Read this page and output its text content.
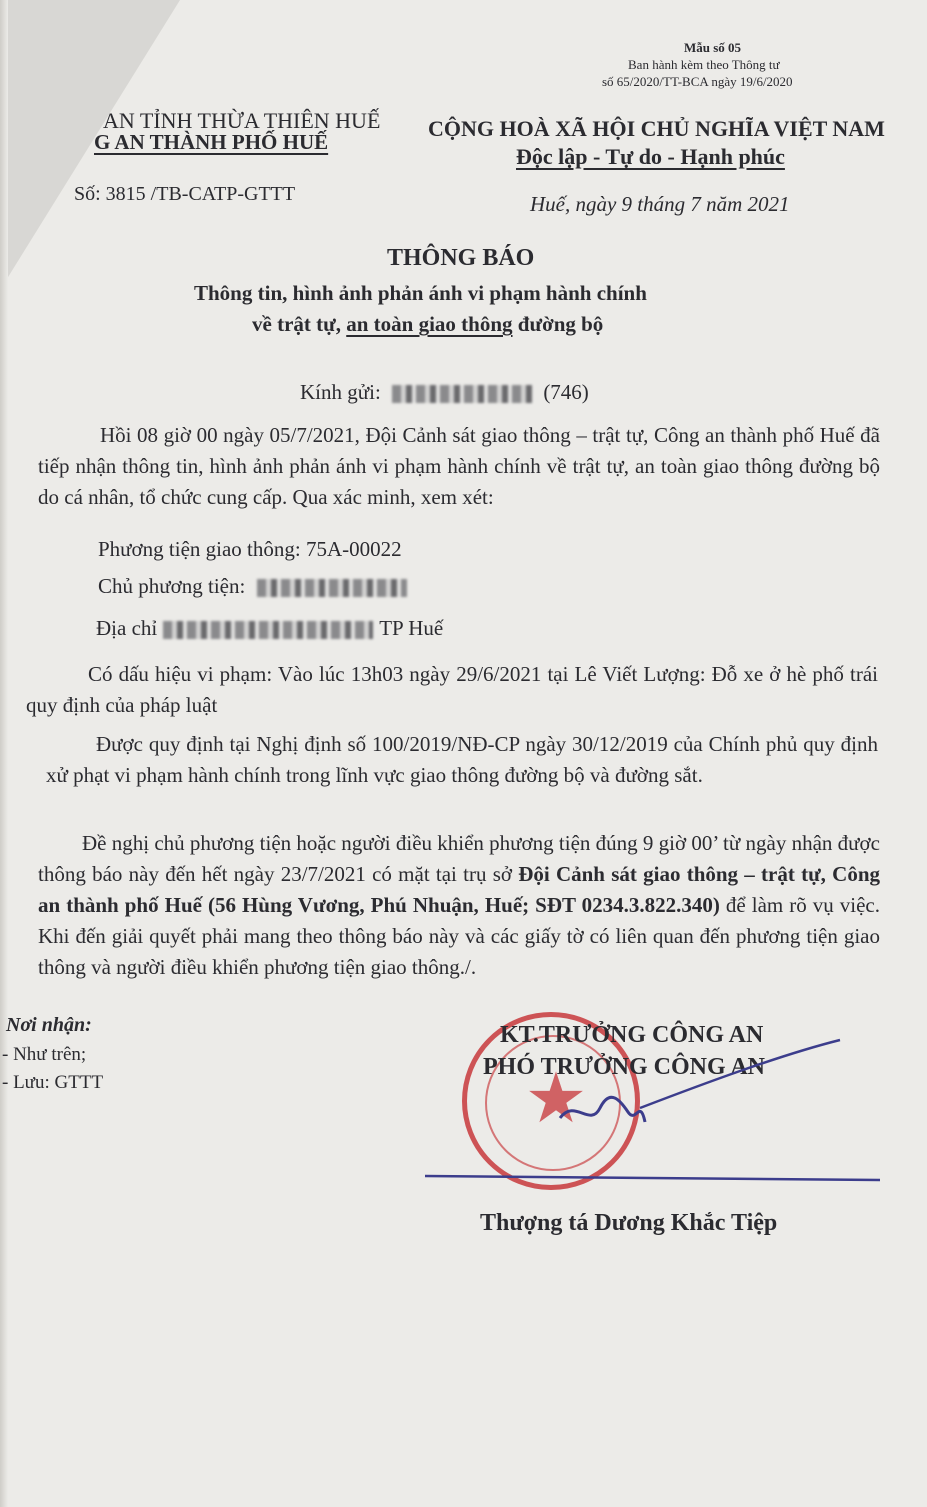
Mẫu số 05
Ban hành kèm theo Thông tư
số 65/2020/TT-BCA ngày 19/6/2020
AN TỈNH THỪA THIÊN HUẾ
G AN THÀNH PHỐ HUẾ
Số: 3815 /TB-CATP-GTTT
CỘNG HOÀ XÃ HỘI CHỦ NGHĨA VIỆT NAM
Độc lập - Tự do - Hạnh phúc
Huế, ngày 9 tháng 7 năm 2021
THÔNG BÁO
Thông tin, hình ảnh phản ánh vi phạm hành chính
về trật tự, an toàn giao thông đường bộ
Kính gửi:	(746)
Hồi 08 giờ 00 ngày 05/7/2021, Đội Cảnh sát giao thông – trật tự, Công an thành phố Huế đã tiếp nhận thông tin, hình ảnh phản ánh vi phạm hành chính về trật tự, an toàn giao thông đường bộ do cá nhân, tổ chức cung cấp. Qua xác minh, xem xét:
Phương tiện giao thông: 75A-00022
Chủ phương tiện:
Địa chỉ	TP Huế
Có dấu hiệu vi phạm: Vào lúc 13h03 ngày 29/6/2021 tại Lê Viết Lượng: Đỗ xe ở hè phố trái quy định của pháp luật
Được quy định tại Nghị định số 100/2019/NĐ-CP ngày 30/12/2019 của Chính phủ quy định xử phạt vi phạm hành chính trong lĩnh vực giao thông đường bộ và đường sắt.
Đề nghị chủ phương tiện hoặc người điều khiển phương tiện đúng 9 giờ 00’ từ ngày nhận được thông báo này đến hết ngày 23/7/2021 có mặt tại trụ sở Đội Cảnh sát giao thông – trật tự, Công an thành phố Huế (56 Hùng Vương, Phú Nhuận, Huế; SĐT 0234.3.822.340) để làm rõ vụ việc. Khi đến giải quyết phải mang theo thông báo này và các giấy tờ có liên quan đến phương tiện giao thông và người điều khiển phương tiện giao thông./.
Nơi nhận:
- Như trên;
- Lưu: GTTT	★
KT.TRƯỞNG CÔNG AN
PHÓ TRƯỞNG CÔNG AN
Thượng tá Dương Khắc Tiệp
